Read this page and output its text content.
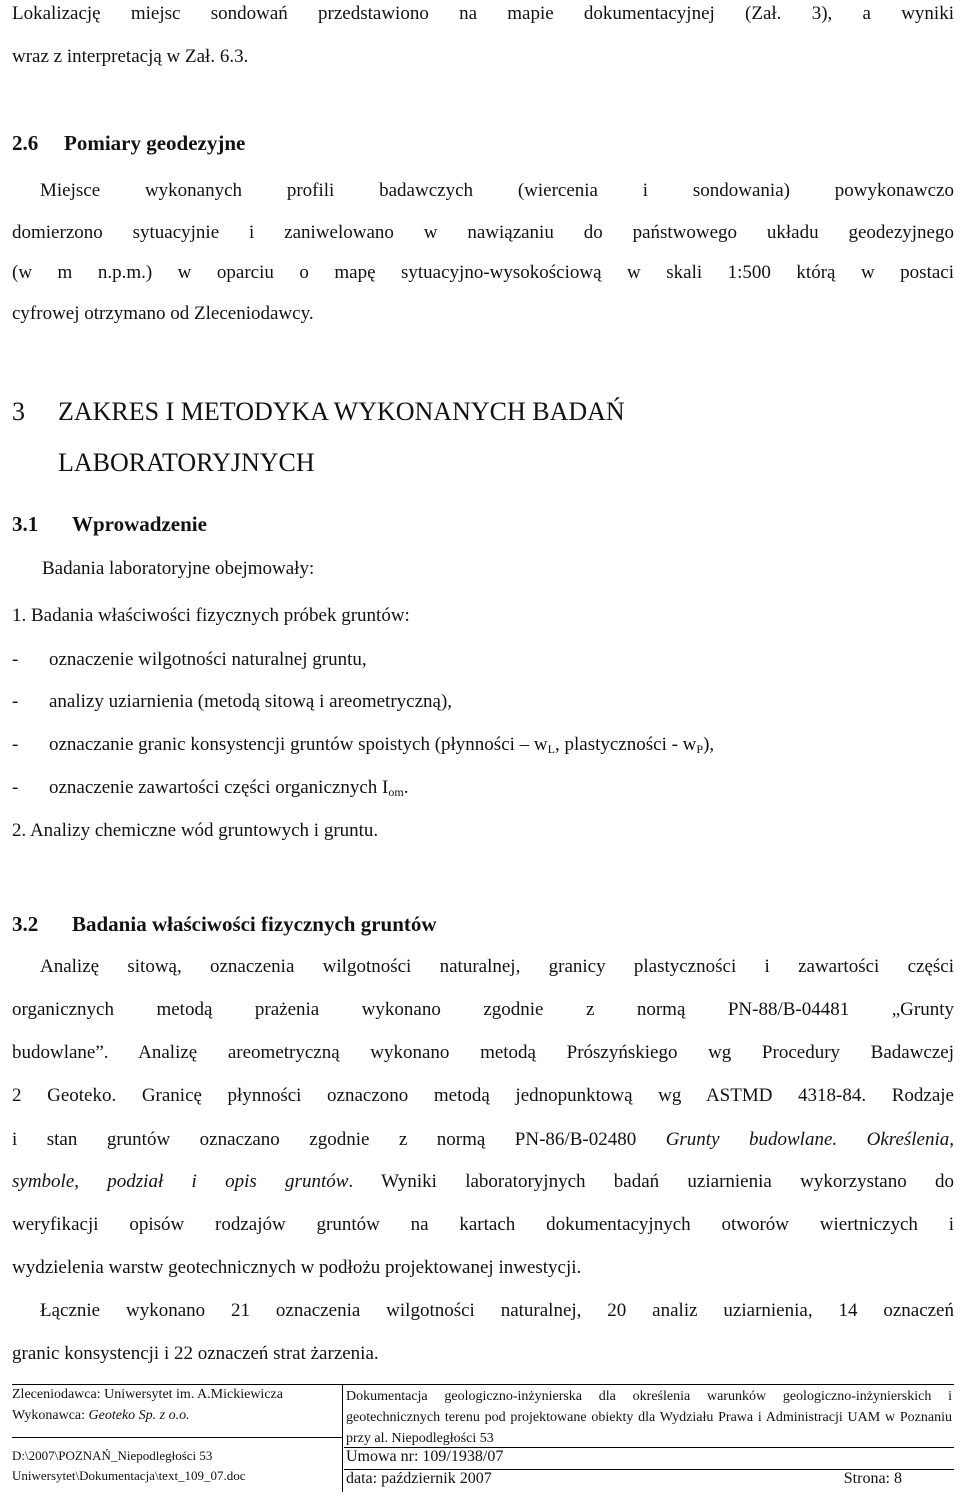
Lokalizację miejsc sondowań przedstawiono na mapie dokumentacyjnej (Zał. 3), a wyniki
wraz z interpretacją w Zał. 6.3.
2.6 Pomiary geodezyjne
Miejsce wykonanych profili badawczych (wiercenia i sondowania) powykonawczo
domierzono sytuacyjnie i zaniwelowano w nawiązaniu do państwowego układu geodezyjnego
(w m n.p.m.) w oparciu o mapę sytuacyjno-wysokościową w skali 1:500 którą w postaci
cyfrowej otrzymano od Zleceniodawcy.
3 ZAKRES I METODYKA WYKONANYCH BADAŃ
LABORATORYJNYCH
3.1 Wprowadzenie
Badania laboratoryjne obejmowały:
1. Badania właściwości fizycznych próbek gruntów:
- oznaczenie wilgotności naturalnej gruntu,
- analizy uziarnienia (metodą sitową i areometryczną),
- oznaczanie granic konsystencji gruntów spoistych (płynności – $w_L$, plastyczności - $w_P$),
- oznaczenie zawartości części organicznych $I_{om}$.
2. Analizy chemiczne wód gruntowych i gruntu.
3.2 Badania właściwości fizycznych gruntów
Analizę sitową, oznaczenia wilgotności naturalnej, granicy plastyczności i zawartości części
organicznych metodą prażenia wykonano zgodnie z normą PN-88/B-04481 „Grunty
budowlane”. Analizę areometryczną wykonano metodą Prószyńskiego wg Procedury Badawczej
2 Geoteko. Granicę płynności oznaczono metodą jednopunktową wg ASTMD 4318-84. Rodzaje
i stan gruntów oznaczano zgodnie z normą PN-86/B-02480 Grunty budowlane. Określenia,
symbole, podział i opis gruntów. Wyniki laboratoryjnych badań uziarnienia wykorzystano do
weryfikacji opisów rodzajów gruntów na kartach dokumentacyjnych otworów wiertniczych i
wydzielenia warstw geotechnicznych w podłożu projektowanej inwestycji.
Łącznie wykonano 21 oznaczenia wilgotności naturalnej, 20 analiz uziarnienia, 14 oznaczeń
granic konsystencji i 22 oznaczeń strat żarzenia.
Zleceniodawca: Uniwersytet im. A.Mickiewicza
Wykonawca: Geoteko Sp. z o.o.
D:\2007\POZNAŃ_Niepodległości 53
Uniwersytet\Dokumentacja\text_109_07.doc
Dokumentacja geologiczno-inżynierska dla określenia warunków geologiczno-inżynierskich i geotechnicznych terenu pod projektowane obiekty dla Wydziału Prawa i Administracji UAM w Poznaniu przy al. Niepodległości 53
Umowa nr: 109/1938/07
data: październik 2007	Strona: 8
